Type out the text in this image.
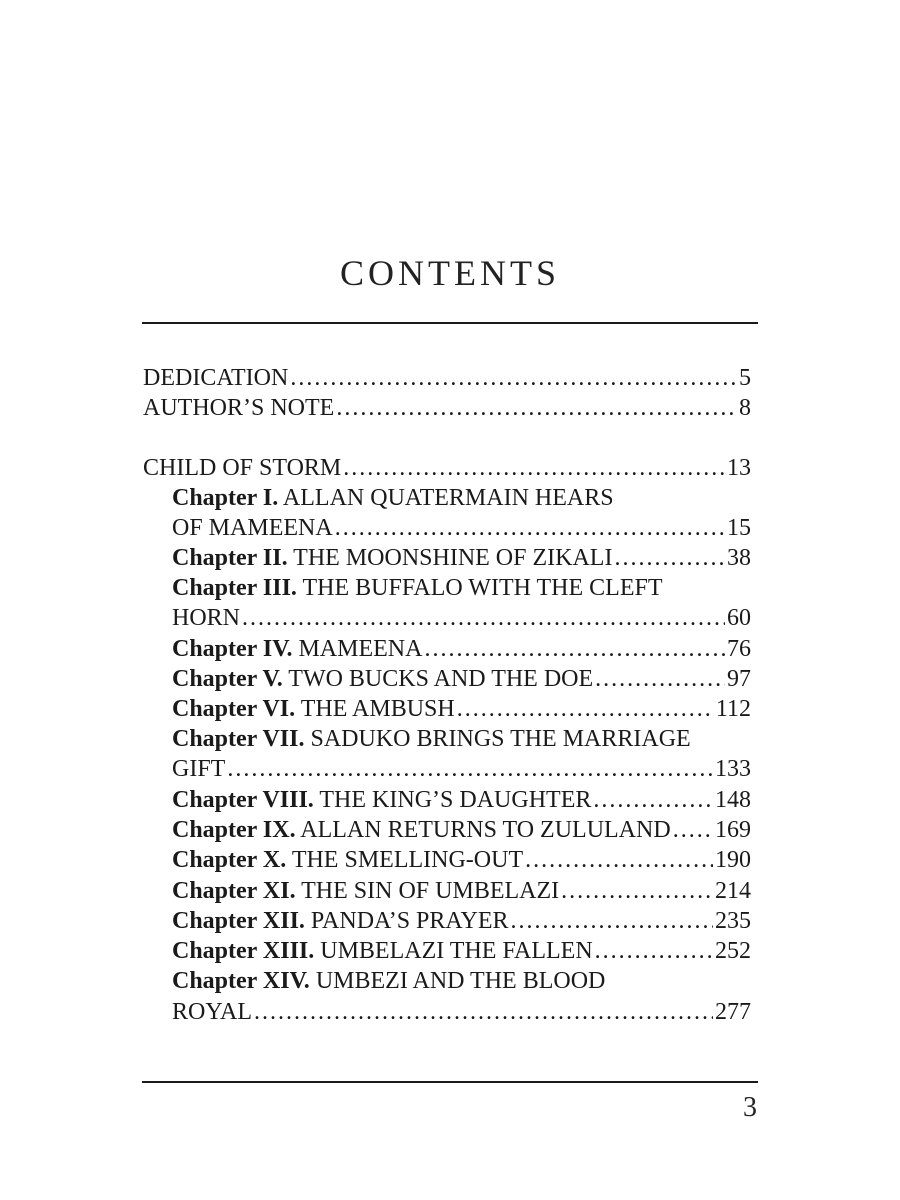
CONTENTS
DEDICATION . . .	5
AUTHOR’S NOTE . . .	8
CHILD OF STORM . . .	13
Chapter I. ALLAN QUATERMAIN HEARS
OF MAMEENA . . .	15
Chapter II. THE MOONSHINE OF ZIKALI . . .	38
Chapter III. THE BUFFALO WITH THE CLEFT
HORN . . .	60
Chapter IV. MAMEENA . . .	76
Chapter V. TWO BUCKS AND THE DOE . . .	97
Chapter VI. THE AMBUSH . . .	112
Chapter VII. SADUKO BRINGS THE MARRIAGE
GIFT . . .	133
Chapter VIII. THE KING’S DAUGHTER . . .	148
Chapter IX. ALLAN RETURNS TO ZULULAND . . . 169
Chapter X. THE SMELLING-OUT . . .	190
Chapter XI. THE SIN OF UMBELAZI . . .	214
Chapter XII. PANDA’S PRAYER . . .	235
Chapter XIII. UMBELAZI THE FALLEN . . .	252
Chapter XIV. UMBEZI AND THE BLOOD
ROYAL . . .	277
3
